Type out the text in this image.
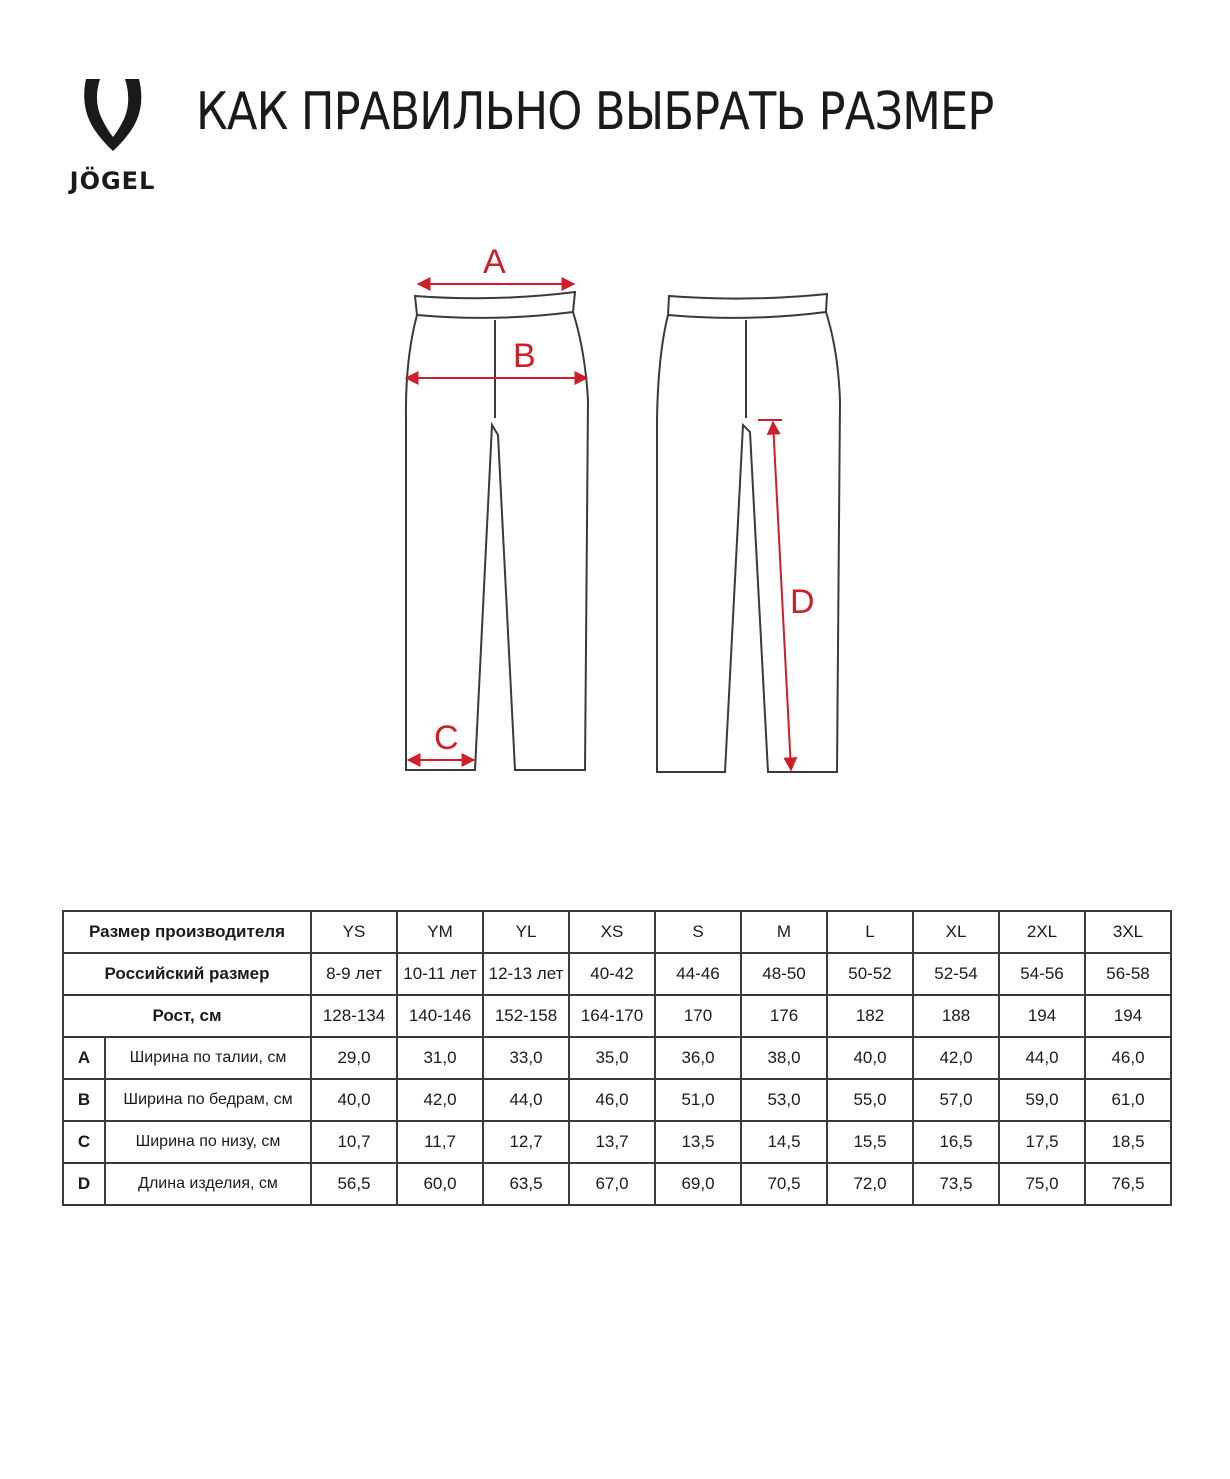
JÖGEL
КАК ПРАВИЛЬНО ВЫБРАТЬ РАЗМЕР
A
B
C
D
Размер производителя		YS	YM	YL	XS	S	M	L	XL	2XL	3XL
Российский размер		8-9 лет	10-11 лет	12-13 лет	40-42	44-46	48-50	50-52	52-54	54-56	56-58
Рост, см		128-134	140-146	152-158	164-170	170	176	182	188	194	194
A	Ширина по талии, см	29,0	31,0	33,0	35,0	36,0	38,0	40,0	42,0	44,0	46,0
B	Ширина по бедрам, см	40,0	42,0	44,0	46,0	51,0	53,0	55,0	57,0	59,0	61,0
C	Ширина по низу, см	10,7	11,7	12,7	13,7	13,5	14,5	15,5	16,5	17,5	18,5
D	Длина изделия, см	56,5	60,0	63,5	67,0	69,0	70,5	72,0	73,5	75,0	76,5
